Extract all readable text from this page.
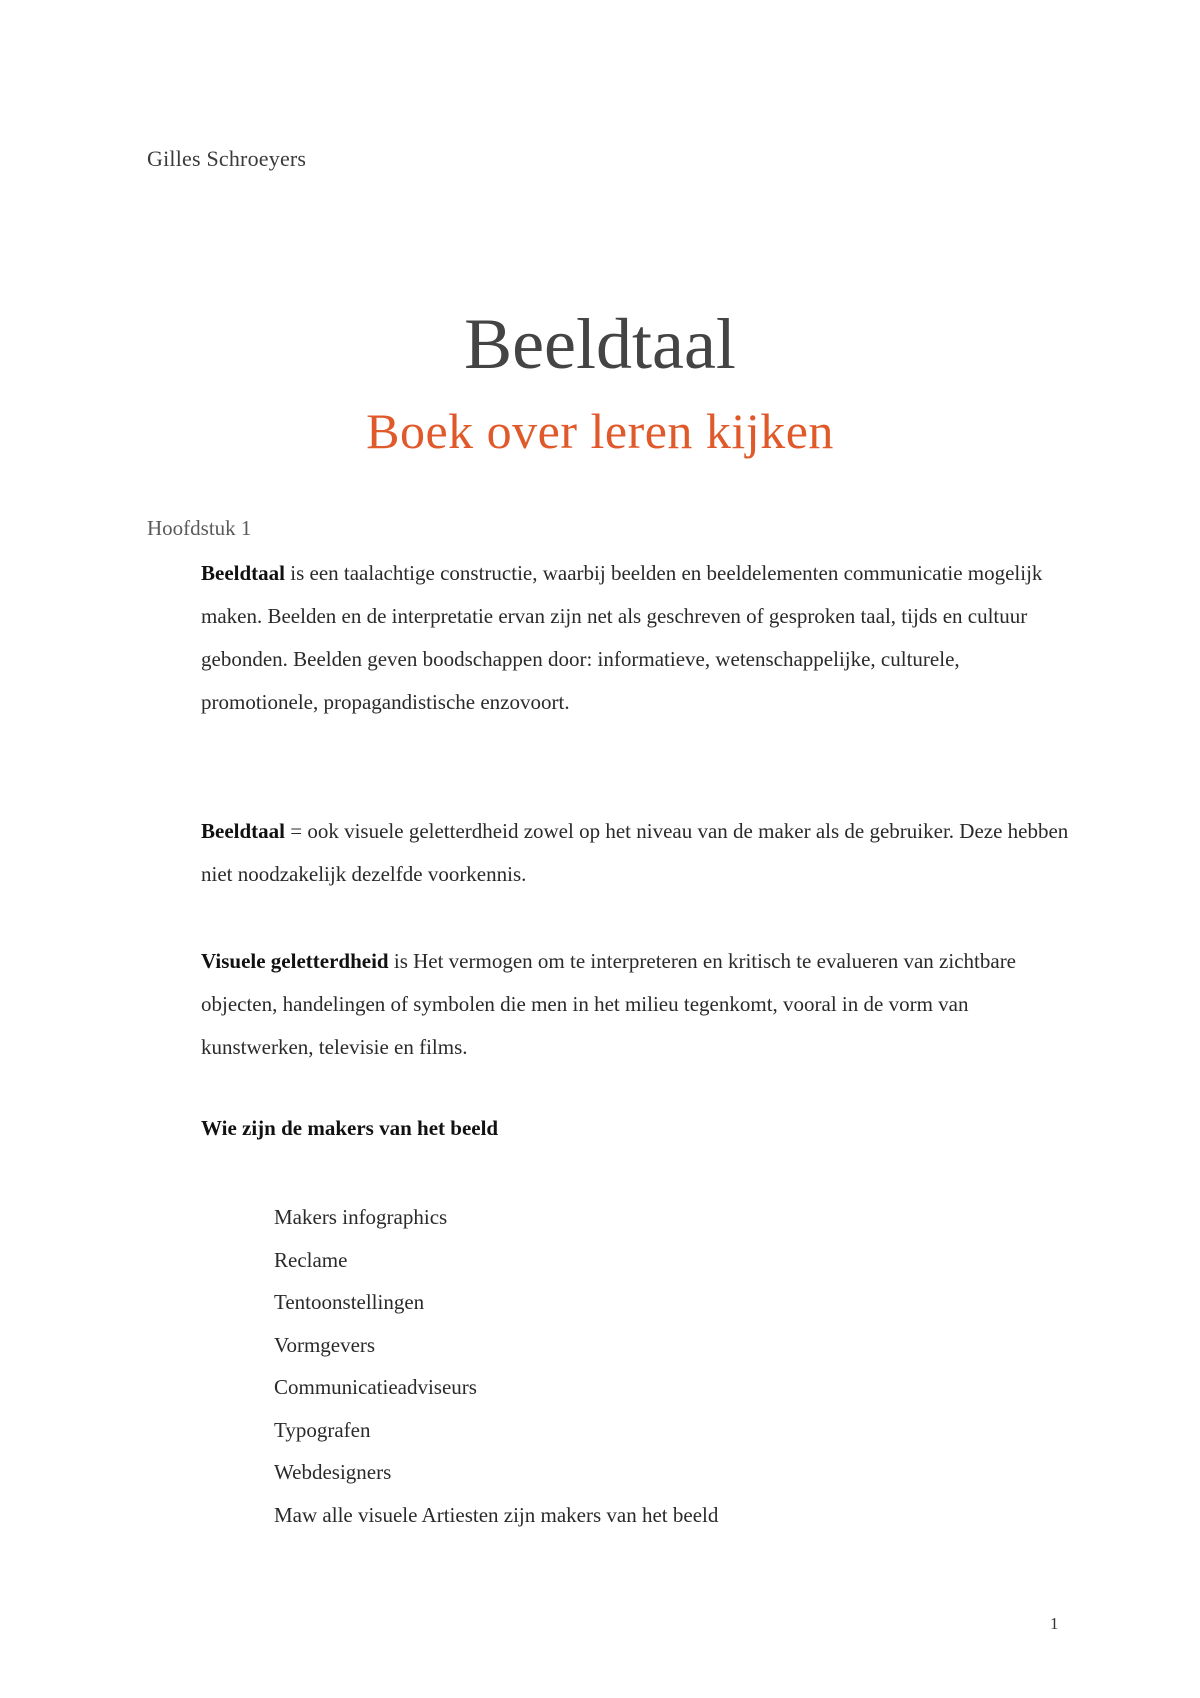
Gilles Schroeyers
Beeldtaal
Boek over leren kijken
Hoofdstuk 1

Beeldtaal is een taalachtige constructie, waarbij beelden en beeldelementen communicatie mogelijk maken. Beelden en de interpretatie ervan zijn net als geschreven of gesproken taal, tijds en cultuur gebonden. Beelden geven boodschappen door: informatieve, wetenschappelijke, culturele, promotionele, propagandistische enzovoort.

Beeldtaal = ook visuele geletterdheid zowel op het niveau van de maker als de gebruiker. Deze hebben niet noodzakelijk dezelfde voorkennis.

Visuele geletterdheid is Het vermogen om te interpreteren en kritisch te evalueren van zichtbare objecten, handelingen of symbolen die men in het milieu tegenkomt, vooral in de vorm van kunstwerken, televisie en films.

Wie zijn de makers van het beeld
Makers infographics
Reclame
Tentoonstellingen
Vormgevers
Communicatieadviseurs
Typografen
Webdesigners
Maw alle visuele Artiesten zijn makers van het beeld
1
